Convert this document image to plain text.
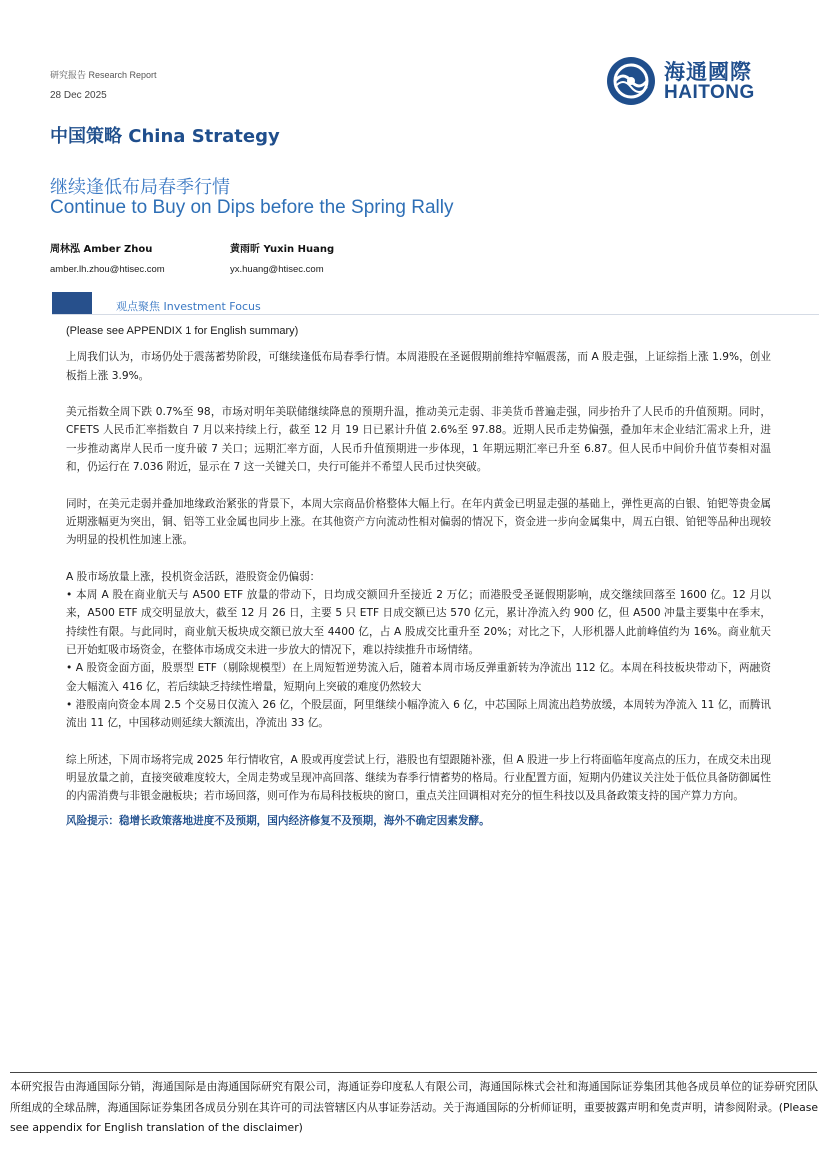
研究报告 Research Report
28 Dec 2025
海通國際
HAITONG
中国策略 China Strategy
继续逢低布局春季行情
Continue to Buy on Dips before the Spring Rally
周林泓 Amber Zhou
amber.lh.zhou@htisec.com
黄雨昕 Yuxin Huang
yx.huang@htisec.com
观点聚焦 Investment Focus

(Please see APPENDIX 1 for English summary)

上周我们认为，市场仍处于震荡蓄势阶段，可继续逢低布局春季行情。本周港股在圣诞假期前维持窄幅震荡，而 A 股走强，上证综指上涨 1.9%，创业板指上涨 3.9%。

美元指数全周下跌 0.7%至 98，市场对明年美联储继续降息的预期升温，推动美元走弱、非美货币普遍走强，同步抬升了人民币的升值预期。同时，CFETS 人民币汇率指数自 7 月以来持续上行，截至 12 月 19 日已累计升值 2.6%至 97.88。近期人民币走势偏强，叠加年末企业结汇需求上升，进一步推动离岸人民币一度升破 7 关口；远期汇率方面，人民币升值预期进一步体现，1 年期远期汇率已升至 6.87。但人民币中间价升值节奏相对温和，仍运行在 7.036 附近，显示在 7 这一关键关口，央行可能并不希望人民币过快突破。

同时，在美元走弱并叠加地缘政治紧张的背景下，本周大宗商品价格整体大幅上行。在年内黄金已明显走强的基础上，弹性更高的白银、铂钯等贵金属近期涨幅更为突出，铜、铝等工业金属也同步上涨。在其他资产方向流动性相对偏弱的情况下，资金进一步向金属集中，周五白银、铂钯等品种出现较为明显的投机性加速上涨。

A 股市场放量上涨，投机资金活跃，港股资金仍偏弱：

• 本周 A 股在商业航天与 A500 ETF 放量的带动下，日均成交额回升至接近 2 万亿；而港股受圣诞假期影响，成交继续回落至 1600 亿。12 月以来，A500 ETF 成交明显放大，截至 12 月 26 日，主要 5 只 ETF 日成交额已达 570 亿元，累计净流入约 900 亿，但 A500 冲量主要集中在季末，持续性有限。与此同时，商业航天板块成交额已放大至 4400 亿，占 A 股成交比重升至 20%；对比之下，人形机器人此前峰值约为 16%。商业航天已开始虹吸市场资金，在整体市场成交未进一步放大的情况下，难以持续推升市场情绪。

• A 股资金面方面，股票型 ETF（剔除规模型）在上周短暂逆势流入后，随着本周市场反弹重新转为净流出 112 亿。本周在科技板块带动下，两融资金大幅流入 416 亿，若后续缺乏持续性增量，短期向上突破的难度仍然较大

• 港股南向资金本周 2.5 个交易日仅流入 26 亿，个股层面，阿里继续小幅净流入 6 亿，中芯国际上周流出趋势放缓，本周转为净流入 11 亿，而腾讯流出 11 亿，中国移动则延续大额流出，净流出 33 亿。

综上所述，下周市场将完成 2025 年行情收官，A 股或再度尝试上行，港股也有望跟随补涨，但 A 股进一步上行将面临年度高点的压力，在成交未出现明显放量之前，直接突破难度较大，全周走势或呈现冲高回落、继续为春季行情蓄势的格局。行业配置方面，短期内仍建议关注处于低位具备防御属性的内需消费与非银金融板块；若市场回落，则可作为布局科技板块的窗口，重点关注回调相对充分的恒生科技以及具备政策支持的国产算力方向。

风险提示：稳增长政策落地进度不及预期，国内经济修复不及预期，海外不确定因素发酵。

本研究报告由海通国际分销，海通国际是由海通国际研究有限公司，海通证券印度私人有限公司，海通国际株式会社和海通国际证券集团其他各成员单位的证券研究团队所组成的全球品牌，海通国际证券集团各成员分别在其许可的司法管辖区内从事证券活动。关于海通国际的分析师证明，重要披露声明和免责声明，请参阅附录。(Please see appendix for English translation of the disclaimer)
